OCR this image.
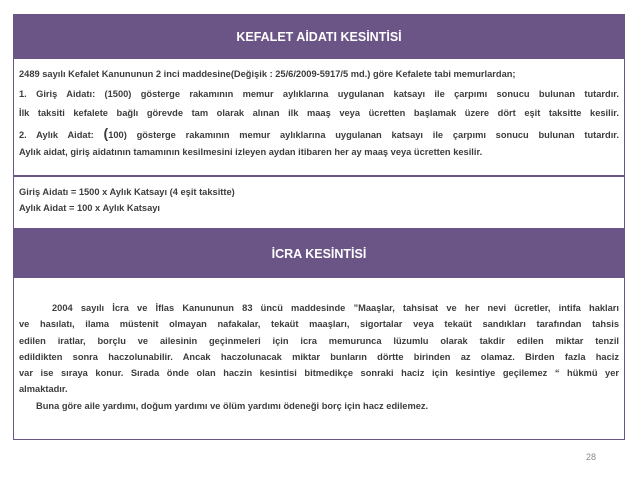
KEFALET AİDATI KESİNTİSİ

2489 sayılı Kefalet Kanununun 2 inci maddesine(Değişik : 25/6/2009-5917/5 md.) göre Kefalete tabi memurlardan;

1. Giriş Aidatı: (1500) gösterge rakamının memur aylıklarına uygulanan katsayı ile çarpımı sonucu bulunan tutardır.

İlk taksiti kefalete bağlı görevde tam olarak alınan ilk maaş veya ücretten başlamak üzere dört eşit taksitte kesilir.

2. Aylık Aidat: (100) gösterge rakamının memur aylıklarına uygulanan katsayı ile çarpımı sonucu bulunan tutardır.

Aylık aidat, giriş aidatının tamamının kesilmesini izleyen aydan itibaren her ay maaş veya ücretten kesilir.

Giriş Aidatı = 1500 x Aylık Katsayı (4 eşit taksitte)

Aylık Aidat = 100 x Aylık Katsayı

İCRA KESİNTİSİ

2004 sayılı İcra ve İflas Kanununun 83 üncü maddesinde ”Maaşlar, tahsisat ve her nevi ücretler, intifa hakları

ve hasılatı, ilama müstenit olmayan nafakalar, tekaüt maaşları, sigortalar veya tekaüt sandıkları tarafından tahsis

edilen iratlar, borçlu ve ailesinin geçinmeleri için icra memurunca lüzumlu olarak takdir edilen miktar tenzil

edildikten sonra haczolunabilir. Ancak haczolunacak miktar bunların dörtte birinden az olamaz. Birden fazla haciz

var ise sıraya konur. Sırada önde olan haczin kesintisi bitmedikçe sonraki haciz için kesintiye geçilemez “ hükmü yer

almaktadır.

Buna göre aile yardımı, doğum yardımı ve ölüm yardımı ödeneği borç için hacz edilemez.

28
